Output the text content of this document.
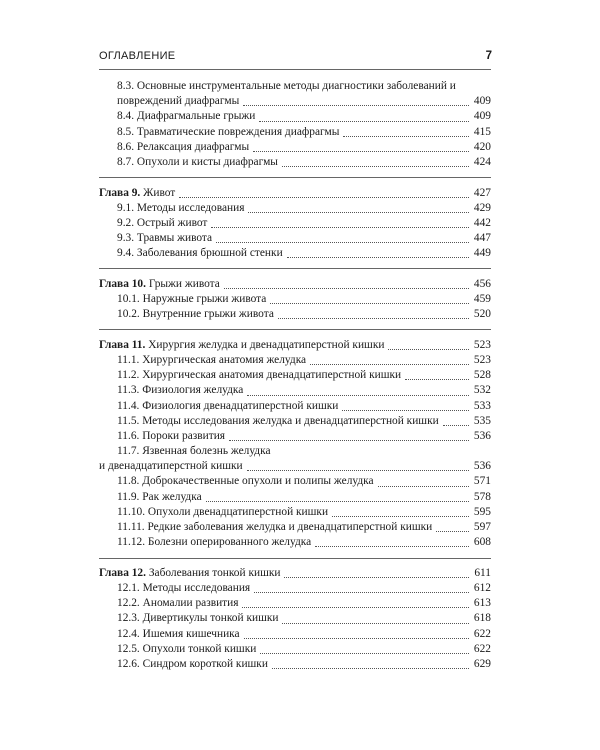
ОГЛАВЛЕНИЕ	7
8.3. Основные инструментальные методы диагностики заболеваний и
повреждений диафрагмы	409
8.4. Диафрагмальные грыжи	409
8.5. Травматические повреждения диафрагмы	415
8.6. Релаксация диафрагмы	420
8.7. Опухоли и кисты диафрагмы	424
Глава 9. Живот	427
9.1. Методы исследования	429
9.2. Острый живот	442
9.3. Травмы живота	447
9.4. Заболевания брюшной стенки	449
Глава 10. Грыжи живота	456
10.1. Наружные грыжи живота	459
10.2. Внутренние грыжи живота	520
Глава 11. Хирургия желудка и двенадцатиперстной кишки	523
11.1. Хирургическая анатомия желудка	523
11.2. Хирургическая анатомия двенадцатиперстной кишки	528
11.3. Физиология желудка	532
11.4. Физиология двенадцатиперстной кишки	533
11.5. Методы исследования желудка и двенадцатиперстной кишки	535
11.6. Пороки развития	536
11.7. Язвенная болезнь желудка
и двенадцатиперстной кишки	536
11.8. Доброкачественные опухоли и полипы желудка	571
11.9. Рак желудка	578
11.10. Опухоли двенадцатиперстной кишки	595
11.11. Редкие заболевания желудка и двенадцатиперстной кишки	597
11.12. Болезни оперированного желудка	608
Глава 12. Заболевания тонкой кишки	611
12.1. Методы исследования	612
12.2. Аномалии развития	613
12.3. Дивертикулы тонкой кишки	618
12.4. Ишемия кишечника	622
12.5. Опухоли тонкой кишки	622
12.6. Синдром короткой кишки	629
